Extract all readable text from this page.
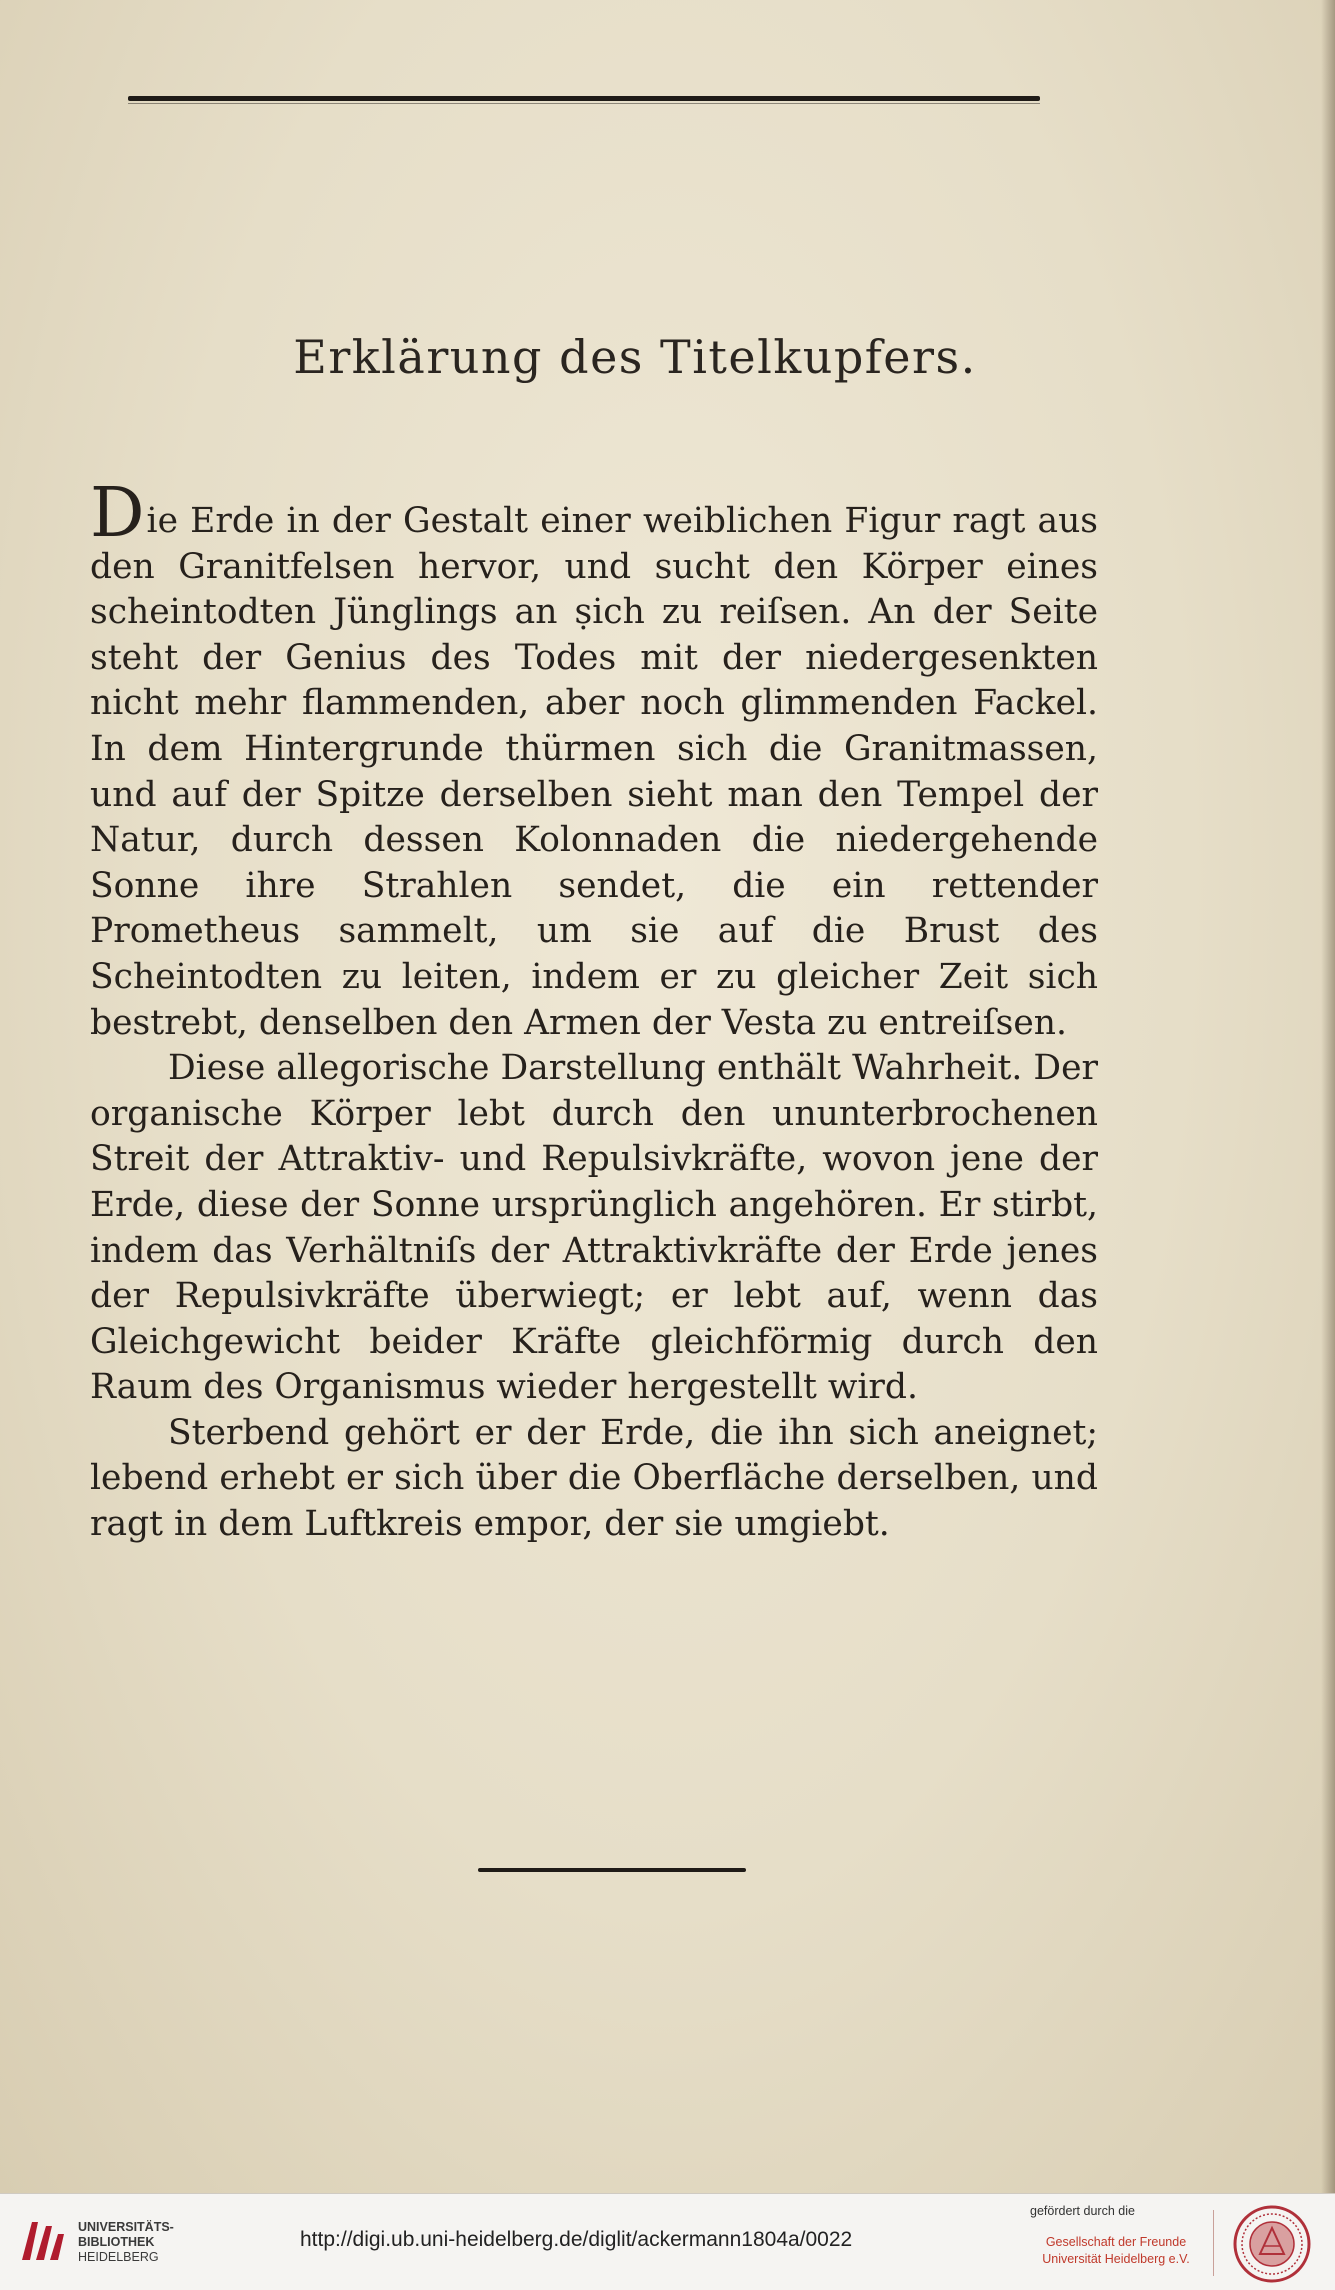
Erklärung des Titelkupfers.

Die Erde in der Gestalt einer weiblichen Figur ragt aus den Granitfelsen hervor, und sucht den Körper eines scheintodten Jünglings an ṣich zu reiſsen. An der Seite steht der Genius des Todes mit der niedergesenkten nicht mehr flammenden, aber noch glimmenden Fackel. In dem Hintergrunde thürmen sich die Granitmassen, und auf der Spitze derselben sieht man den Tempel der Natur, durch dessen Kolonnaden die niedergehende Sonne ihre Strahlen sendet, die ein rettender Prometheus sammelt, um sie auf die Brust des Scheintodten zu leiten, indem er zu gleicher Zeit sich bestrebt, denselben den Armen der Vesta zu entreiſsen.

Diese allegorische Darstellung enthält Wahrheit. Der organische Körper lebt durch den ununterbrochenen Streit der Attraktiv- und Repulsivkräfte, wovon jene der Erde, diese der Sonne ursprünglich angehören. Er stirbt, indem das Verhältniſs der Attraktivkräfte der Erde jenes der Repulsivkräfte überwiegt; er lebt auf, wenn das Gleichgewicht beider Kräfte gleichförmig durch den Raum des Organismus wieder hergestellt wird.

Sterbend gehört er der Erde, die ihn sich aneignet; lebend erhebt er sich über die Oberfläche derselben, und ragt in dem Luftkreis empor, der sie umgiebt.

UNIVERSITÄTS-
BIBLIOTHEK
HEIDELBERG
http://digi.ub.uni-heidelberg.de/diglit/ackermann1804a/0022
gefördert durch die
Gesellschaft der Freunde
Universität Heidelberg e.V.
